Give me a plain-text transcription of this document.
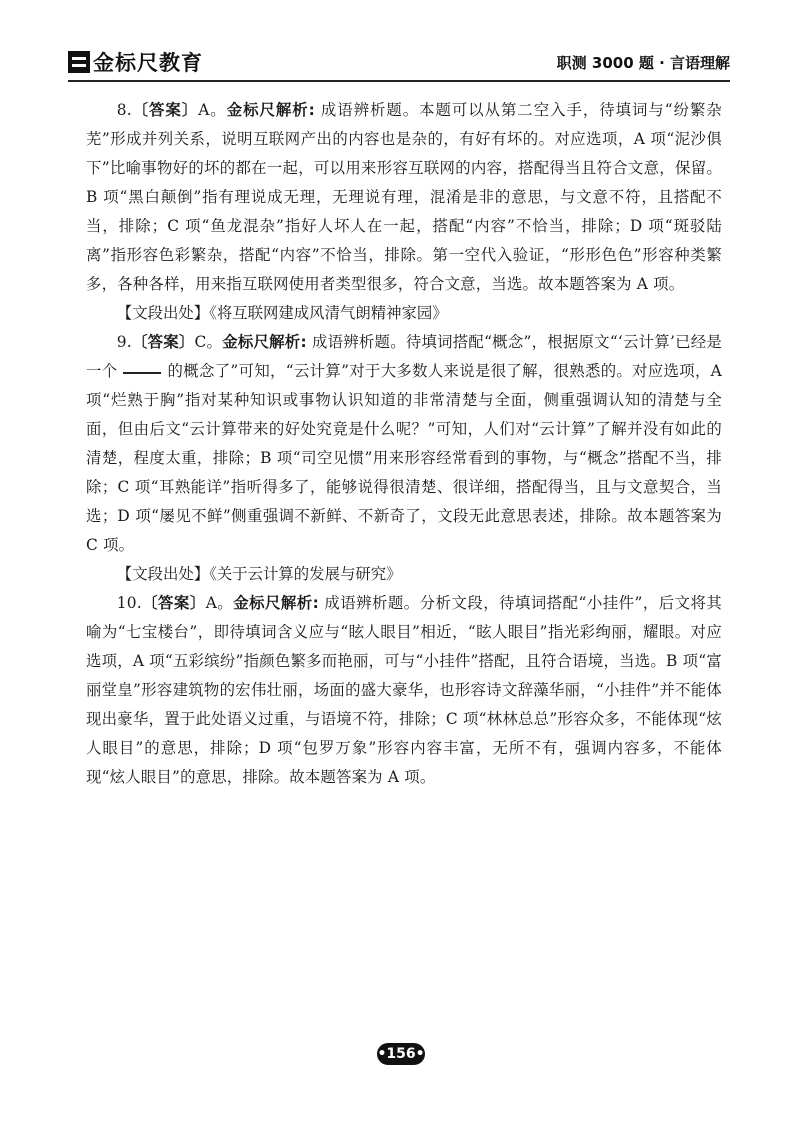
金标尺教育	职测 3000 题 · 言语理解

8.〔答案〕A。金标尺解析: 成语辨析题。本题可以从第二空入手，待填词与“纷繁杂芜”形成并列关系，说明互联网产出的内容也是杂的，有好有坏的。对应选项，A 项“泥沙俱下”比喻事物好的坏的都在一起，可以用来形容互联网的内容，搭配得当且符合文意，保留。B 项“黑白颠倒”指有理说成无理，无理说有理，混淆是非的意思，与文意不符，且搭配不当，排除；C 项“鱼龙混杂”指好人坏人在一起，搭配“内容”不恰当，排除；D 项“斑驳陆离”指形容色彩繁杂，搭配“内容”不恰当，排除。第一空代入验证，“形形色色”形容种类繁多，各种各样，用来指互联网使用者类型很多，符合文意，当选。故本题答案为 A 项。

【文段出处】《将互联网建成风清气朗精神家园》

9.〔答案〕C。金标尺解析: 成语辨析题。待填词搭配“概念”，根据原文“‘云计算’已经是一个	的概念了”可知，“云计算”对于大多数人来说是很了解，很熟悉的。对应选项，A 项“烂熟于胸”指对某种知识或事物认识知道的非常清楚与全面，侧重强调认知的清楚与全面，但由后文“云计算带来的好处究竟是什么呢？”可知，人们对“云计算”了解并没有如此的清楚，程度太重，排除；B 项“司空见惯”用来形容经常看到的事物，与“概念”搭配不当，排除；C 项“耳熟能详”指听得多了，能够说得很清楚、很详细，搭配得当，且与文意契合，当选；D 项“屡见不鲜”侧重强调不新鲜、不新奇了，文段无此意思表述，排除。故本题答案为 C 项。

【文段出处】《关于云计算的发展与研究》

10.〔答案〕A。金标尺解析: 成语辨析题。分析文段，待填词搭配“小挂件”，后文将其喻为“七宝楼台”，即待填词含义应与“眩人眼目”相近，“眩人眼目”指光彩绚丽，耀眼。对应选项，A 项“五彩缤纷”指颜色繁多而艳丽，可与“小挂件”搭配，且符合语境，当选。B 项“富丽堂皇”形容建筑物的宏伟壮丽，场面的盛大豪华，也形容诗文辞藻华丽，“小挂件”并不能体现出豪华，置于此处语义过重，与语境不符，排除；C 项“林林总总”形容众多，不能体现“炫人眼目”的意思，排除；D 项“包罗万象”形容内容丰富，无所不有，强调内容多，不能体现“炫人眼目”的意思，排除。故本题答案为 A 项。

•156•
